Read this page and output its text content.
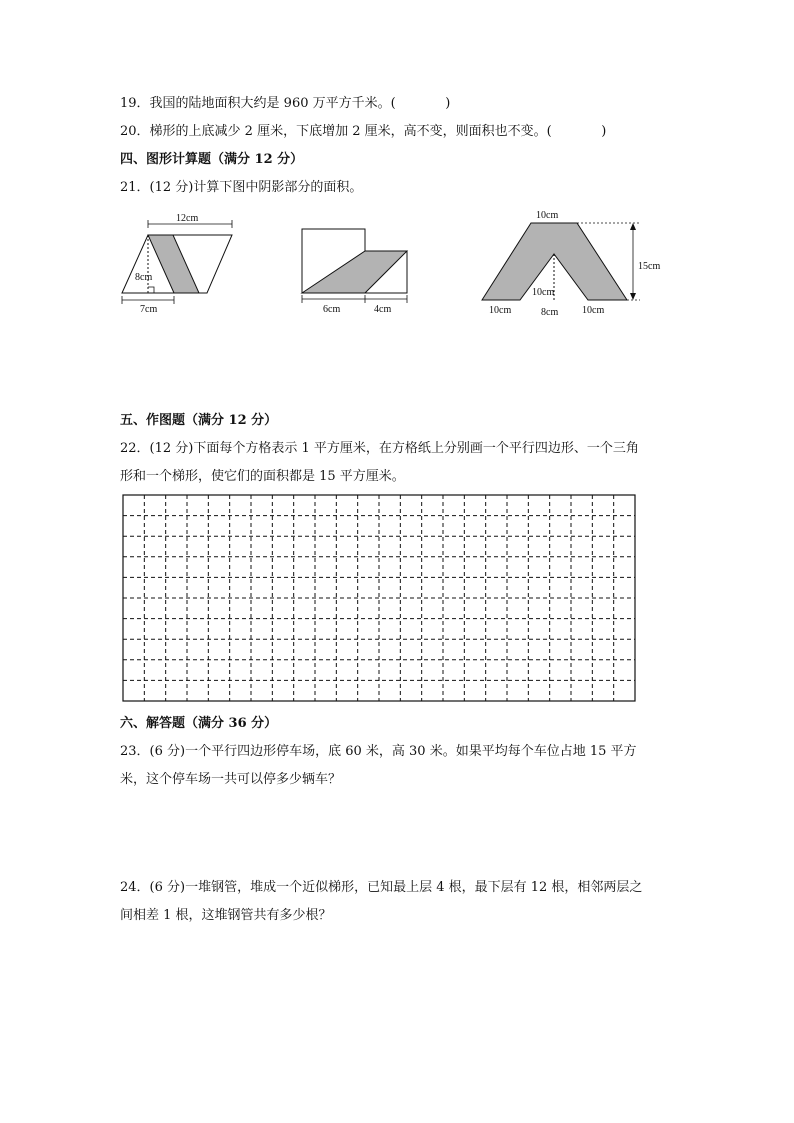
19．我国的陆地面积大约是 960 万平方千米。(            )
20．梯形的上底减少 2 厘米，下底增加 2 厘米，高不变，则面积也不变。(            )
四、图形计算题（满分 12 分）
21．(12 分)计算下图中阴影部分的面积。
12cm
8cm
7cm	6cm	4cm
10cm
15cm
10cm
10cm	8cm 10cm
五、作图题（满分 12 分）
22．(12 分)下面每个方格表示 1 平方厘米，在方格纸上分别画一个平行四边形、一个三角
形和一个梯形，使它们的面积都是 15 平方厘米。
六、解答题（满分 36 分）
23．(6 分)一个平行四边形停车场，底 60 米，高 30 米。如果平均每个车位占地 15 平方
米，这个停车场一共可以停多少辆车？
24．(6 分)一堆钢管，堆成一个近似梯形，已知最上层 4 根，最下层有 12 根，相邻两层之
间相差 1 根，这堆钢管共有多少根？
